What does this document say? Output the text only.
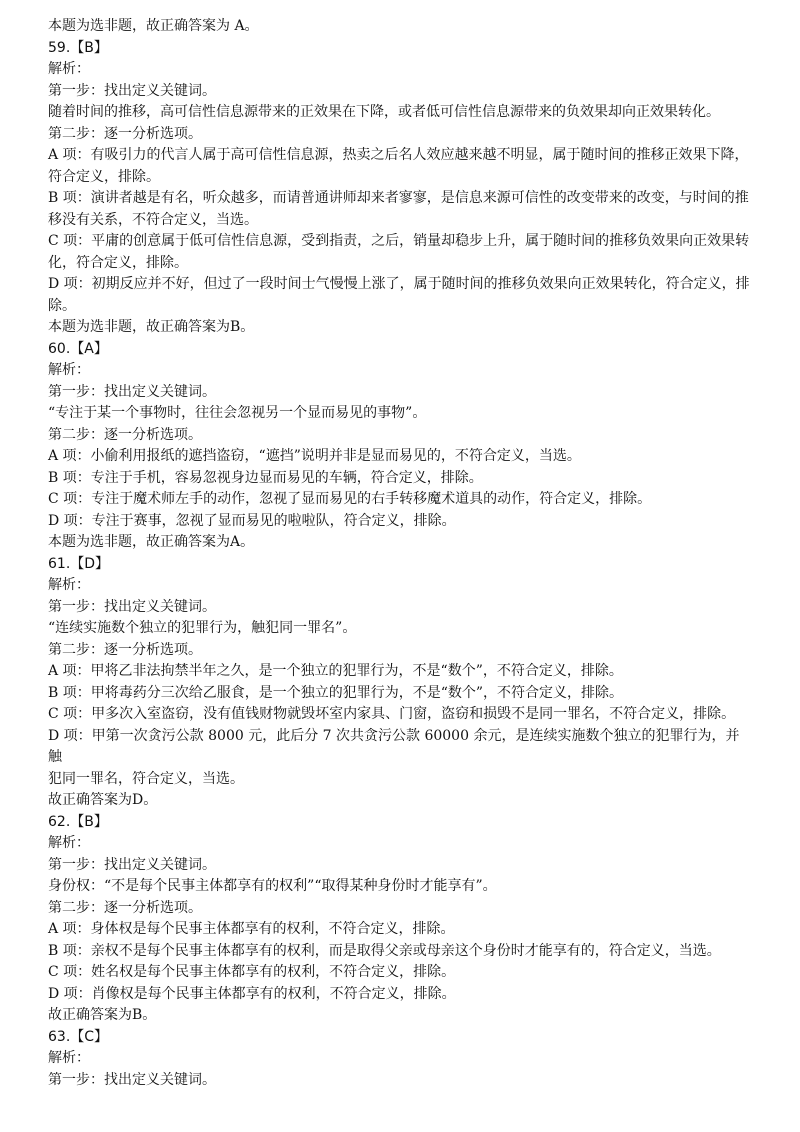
本题为选非题，故正确答案为 A。
59.【B】
解析：
第一步：找出定义关键词。
随着时间的推移，高可信性信息源带来的正效果在下降，或者低可信性信息源带来的负效果却向正效果转化。
第二步：逐一分析选项。
A 项：有吸引力的代言人属于高可信性信息源，热卖之后名人效应越来越不明显，属于随时间的推移正效果下降，
符合定义，排除。
B 项：演讲者越是有名，听众越多，而请普通讲师却来者寥寥，是信息来源可信性的改变带来的改变，与时间的推
移没有关系，不符合定义，当选。
C 项：平庸的创意属于低可信性信息源，受到指责，之后，销量却稳步上升，属于随时间的推移负效果向正效果转
化，符合定义，排除。
D 项：初期反应并不好，但过了一段时间士气慢慢上涨了，属于随时间的推移负效果向正效果转化，符合定义，排
除。
本题为选非题，故正确答案为B。
60.【A】
解析：
第一步：找出定义关键词。
“专注于某一个事物时，往往会忽视另一个显而易见的事物”。
第二步：逐一分析选项。
A 项：小偷利用报纸的遮挡盗窃，“遮挡”说明并非是显而易见的，不符合定义，当选。
B 项：专注于手机，容易忽视身边显而易见的车辆，符合定义，排除。
C 项：专注于魔术师左手的动作，忽视了显而易见的右手转移魔术道具的动作，符合定义，排除。
D 项：专注于赛事，忽视了显而易见的啦啦队，符合定义，排除。
本题为选非题，故正确答案为A。
61.【D】
解析：
第一步：找出定义关键词。
“连续实施数个独立的犯罪行为，触犯同一罪名”。
第二步：逐一分析选项。
A 项：甲将乙非法拘禁半年之久，是一个独立的犯罪行为，不是“数个”，不符合定义，排除。
B 项：甲将毒药分三次给乙服食，是一个独立的犯罪行为，不是“数个”，不符合定义，排除。
C 项：甲多次入室盗窃，没有值钱财物就毁坏室内家具、门窗，盗窃和损毁不是同一罪名，不符合定义，排除。
D 项：甲第一次贪污公款 8000 元，此后分 7 次共贪污公款 60000 余元，是连续实施数个独立的犯罪行为，并触
犯同一罪名，符合定义，当选。
故正确答案为D。
62.【B】
解析：
第一步：找出定义关键词。
身份权：“不是每个民事主体都享有的权利”“取得某种身份时才能享有”。
第二步：逐一分析选项。
A 项：身体权是每个民事主体都享有的权利，不符合定义，排除。
B 项：亲权不是每个民事主体都享有的权利，而是取得父亲或母亲这个身份时才能享有的，符合定义，当选。
C 项：姓名权是每个民事主体都享有的权利，不符合定义，排除。
D 项：肖像权是每个民事主体都享有的权利，不符合定义，排除。
故正确答案为B。
63.【C】
解析：
第一步：找出定义关键词。
